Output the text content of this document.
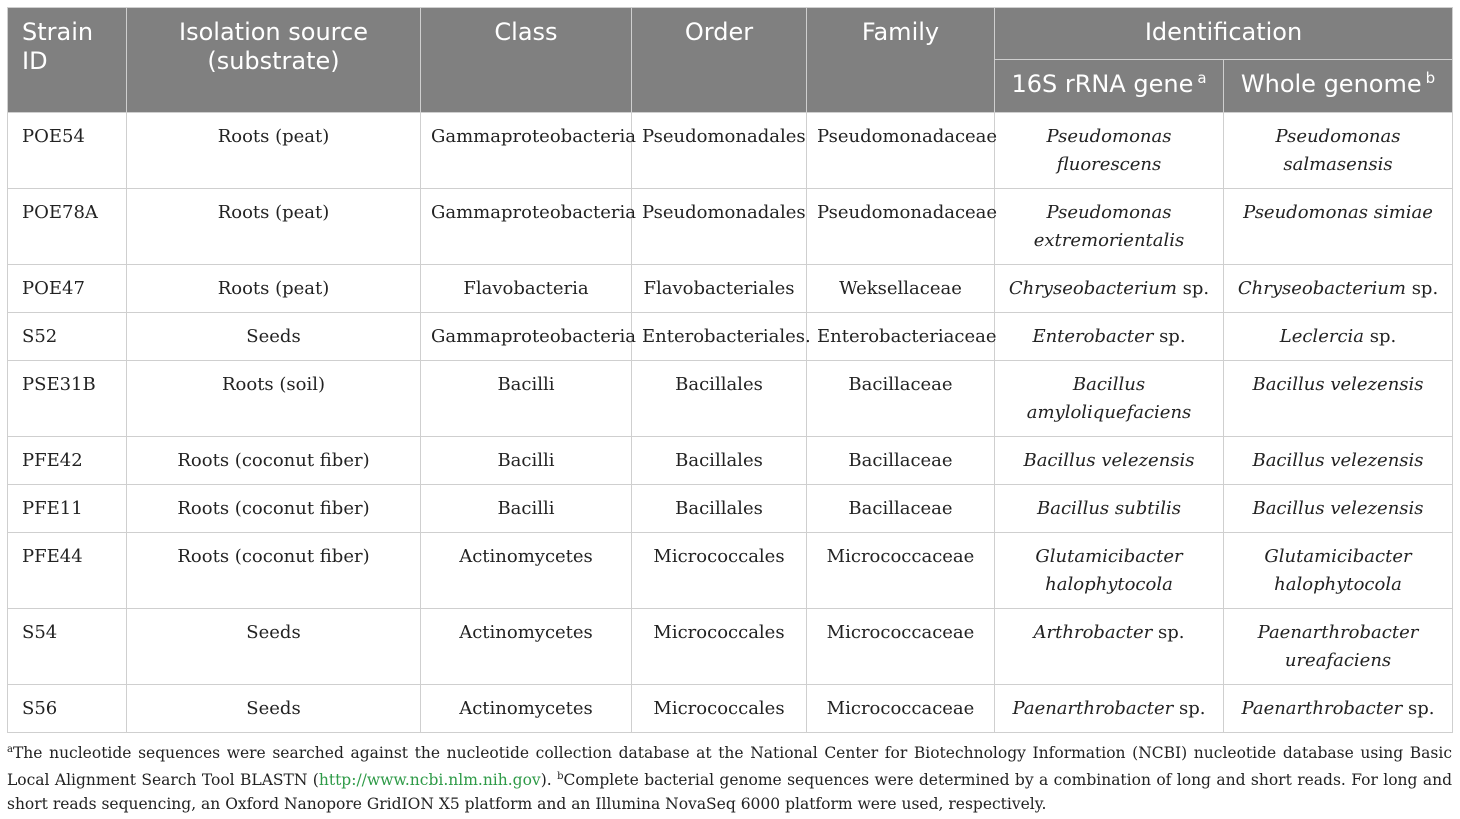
Strain ID	Isolation source (substrate)	Class	Order	Family	Identification	
					16S rRNA gene $^a$	Whole genome $^b$
POE54	Roots (peat)	Gammaproteobacteria	Pseudomonadales	Pseudomonadaceae	Pseudomonas fluorescens	Pseudomonas salmasensis
POE78A	Roots (peat)	Gammaproteobacteria	Pseudomonadales	Pseudomonadaceae	Pseudomonas extremorientalis	Pseudomonas simiae
POE47	Roots (peat)	Flavobacteria	Flavobacteriales	Weksellaceae	Chryseobacterium sp.	Chryseobacterium sp.
S52	Seeds	Gammaproteobacteria	Enterobacteriales.	Enterobacteriaceae	Enterobacter sp.	Leclercia sp.
PSE31B	Roots (soil)	Bacilli	Bacillales	Bacillaceae	Bacillus amyloliquefaciens	Bacillus velezensis
PFE42	Roots (coconut fiber)	Bacilli	Bacillales	Bacillaceae	Bacillus velezensis	Bacillus velezensis
PFE11	Roots (coconut fiber)	Bacilli	Bacillales	Bacillaceae	Bacillus subtilis	Bacillus velezensis
PFE44	Roots (coconut fiber)	Actinomycetes	Micrococcales	Micrococcaceae	Glutamicibacter halophytocola	Glutamicibacter halophytocola
S54	Seeds	Actinomycetes	Micrococcales	Micrococcaceae	Arthrobacter sp.	Paenarthrobacter ureafaciens
S56	Seeds	Actinomycetes	Micrococcales	Micrococcaceae	Paenarthrobacter sp.	Paenarthrobacter sp.
$^a$The nucleotide sequences were searched against the nucleotide collection database at the National Center for Biotechnology Information (NCBI) nucleotide database using Basic Local Alignment Search Tool BLASTN (http://www.ncbi.nlm.nih.gov). $^b$Complete bacterial genome sequences were determined by a combination of long and short reads. For long and short reads sequencing, an Oxford Nanopore GridION X5 platform and an Illumina NovaSeq 6000 platform were used, respectively.
